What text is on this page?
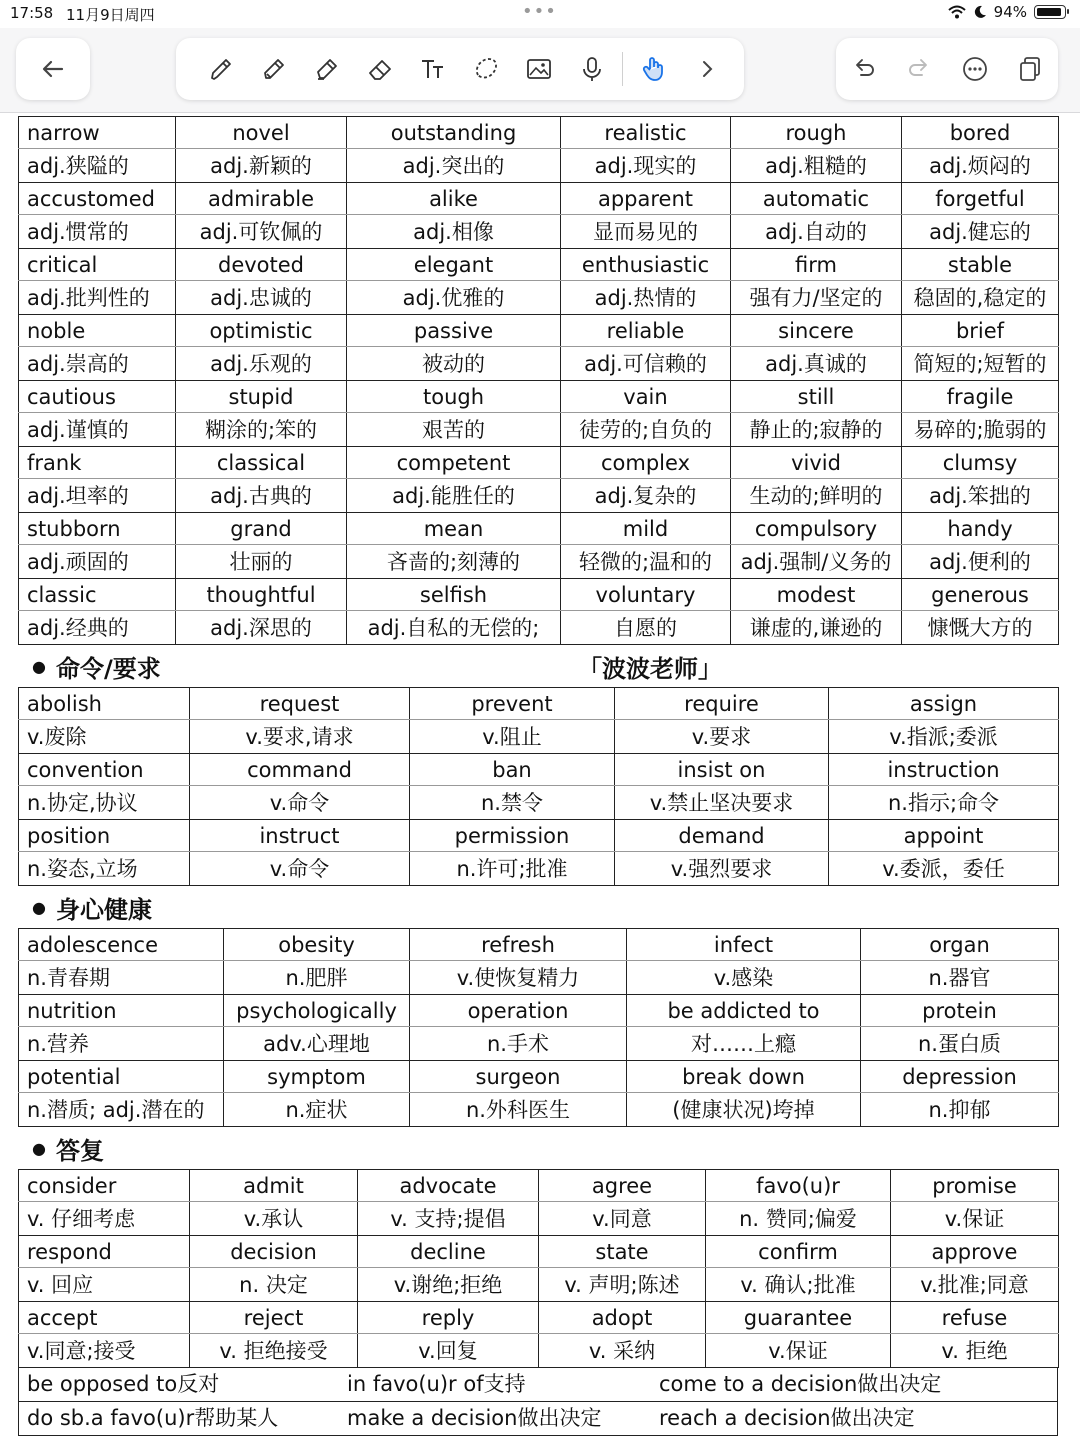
17:58 11月9日周四	•••	94%
narrow	novel	outstanding	realistic	rough	bored
adj.狭隘的	adj.新颖的	adj.突出的	adj.现实的	adj.粗糙的	adj.烦闷的
accustomed	admirable	alike	apparent	automatic	forgetful
adj.惯常的	adj.可钦佩的	adj.相像	显而易见的	adj.自动的	adj.健忘的
critical	devoted	elegant	enthusiastic	firm	stable
adj.批判性的	adj.忠诚的	adj.优雅的	adj.热情的	强有力/坚定的	稳固的,稳定的
noble	optimistic	passive	reliable	sincere	brief
adj.崇高的	adj.乐观的	被动的	adj.可信赖的	adj.真诚的	简短的;短暂的
cautious	stupid	tough	vain	still	fragile
adj.谨慎的	糊涂的;笨的	艰苦的	徒劳的;自负的	静止的;寂静的	易碎的;脆弱的
frank	classical	competent	complex	vivid	clumsy
adj.坦率的	adj.古典的	adj.能胜任的	adj.复杂的	生动的;鲜明的	adj.笨拙的
stubborn	grand	mean	mild	compulsory	handy
adj.顽固的	壮丽的	吝啬的;刻薄的	轻微的;温和的	adj.强制/义务的	adj.便利的
classic	thoughtful	selfish	voluntary	modest	generous
adj.经典的	adj.深思的	adj.自私的无偿的;	自愿的	谦虚的,谦逊的	慷慨大方的
● 命令/要求	「波波老师」
abolish	request	prevent	require	assign
v.废除	v.要求,请求	v.阻止	v.要求	v.指派;委派
convention	command	ban	insist on	instruction
n.协定,协议	v.命令	n.禁令	v.禁止坚决要求	n.指示;命令
position	instruct	permission	demand	appoint
n.姿态,立场	v.命令	n.许可;批准	v.强烈要求	v.委派，委任
● 身心健康
adolescence	obesity	refresh	infect	organ
n.青春期	n.肥胖	v.使恢复精力	v.感染	n.器官
nutrition	psychologically	operation	be addicted to	protein
n.营养	adv.心理地	n.手术	对……上瘾	n.蛋白质
potential	symptom	surgeon	break down	depression
n.潜质; adj.潜在的	n.症状	n.外科医生	(健康状况)垮掉	n.抑郁
● 答复
consider	admit	advocate	agree	favo(u)r	promise
v. 仔细考虑	v.承认	v. 支持;提倡	v.同意	n. 赞同;偏爱	v.保证
respond	decision	decline	state	confirm	approve
v. 回应	n. 决定	v.谢绝;拒绝	v. 声明;陈述	v. 确认;批准	v.批准;同意
accept	reject	reply	adopt	guarantee	refuse
v.同意;接受	v. 拒绝接受	v.回复	v. 采纳	v.保证	v. 拒绝
be opposed to反对	in favo(u)r of支持	come to a decision做出决定

do sb.a favo(u)r帮助某人	make a decision做出决定	reach a decision做出决定
